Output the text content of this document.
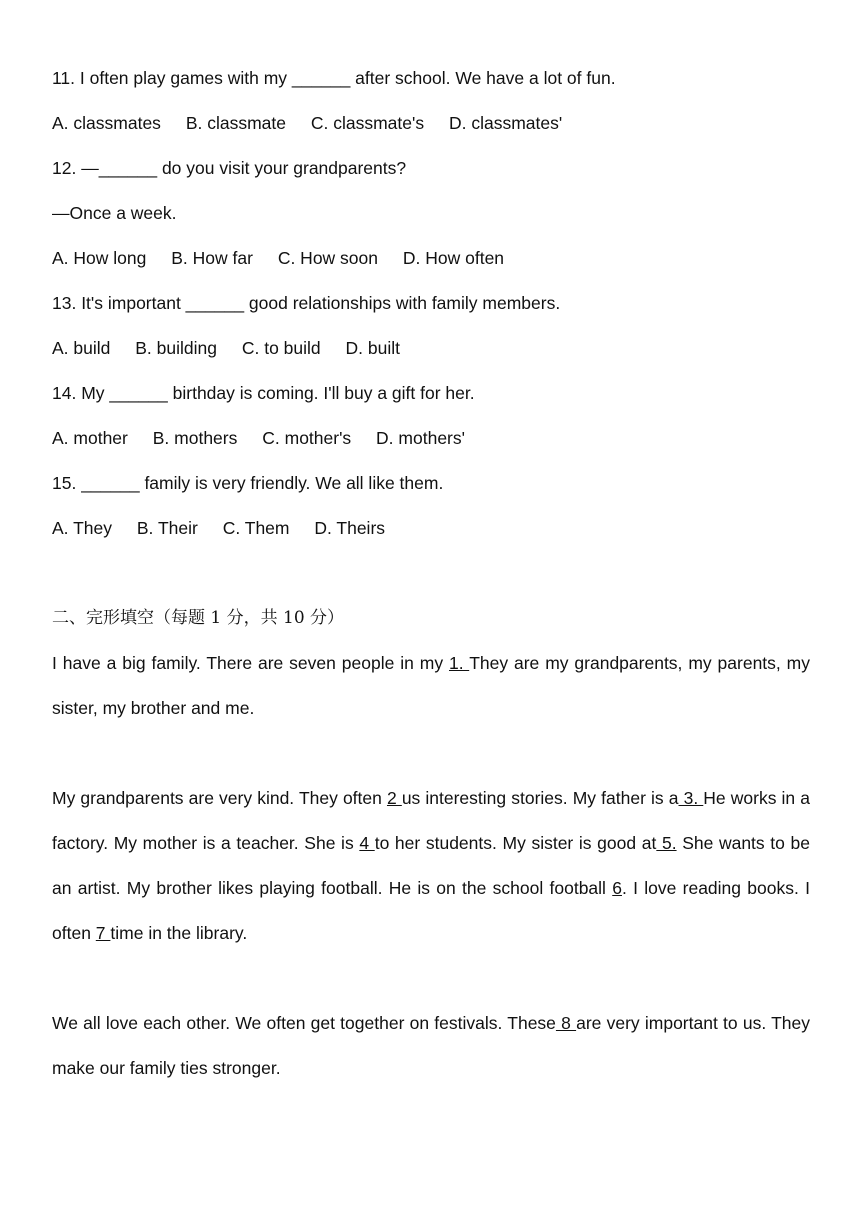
11. I often play games with my ______ after school. We have a lot of fun.
A. classmates B. classmate C. classmate's D. classmates'
12. —______ do you visit your grandparents?
—Once a week.
A. How long B. How far C. How soon D. How often
13. It's important ______ good relationships with family members.
A. build B. building C. to build D. built
14. My ______ birthday is coming. I'll buy a gift for her.
A. mother B. mothers C. mother's D. mothers'
15. ______ family is very friendly. We all like them.
A. They B. Their C. Them D. Theirs
二、完形填空（每题 1 分，共 10 分）
I have a big family. There are seven people in my 1. They are my grandparents, my parents, my sister, my brother and me.
My grandparents are very kind. They often 2 us interesting stories. My father is a 3. He works in a factory. My mother is a teacher. She is 4 to her students. My sister is good at 5. She wants to be an artist. My brother likes playing football. He is on the school football 6. I love reading books. I often 7 time in the library.
We all love each other. We often get together on festivals. These 8 are very important to us. They make our family ties stronger.
